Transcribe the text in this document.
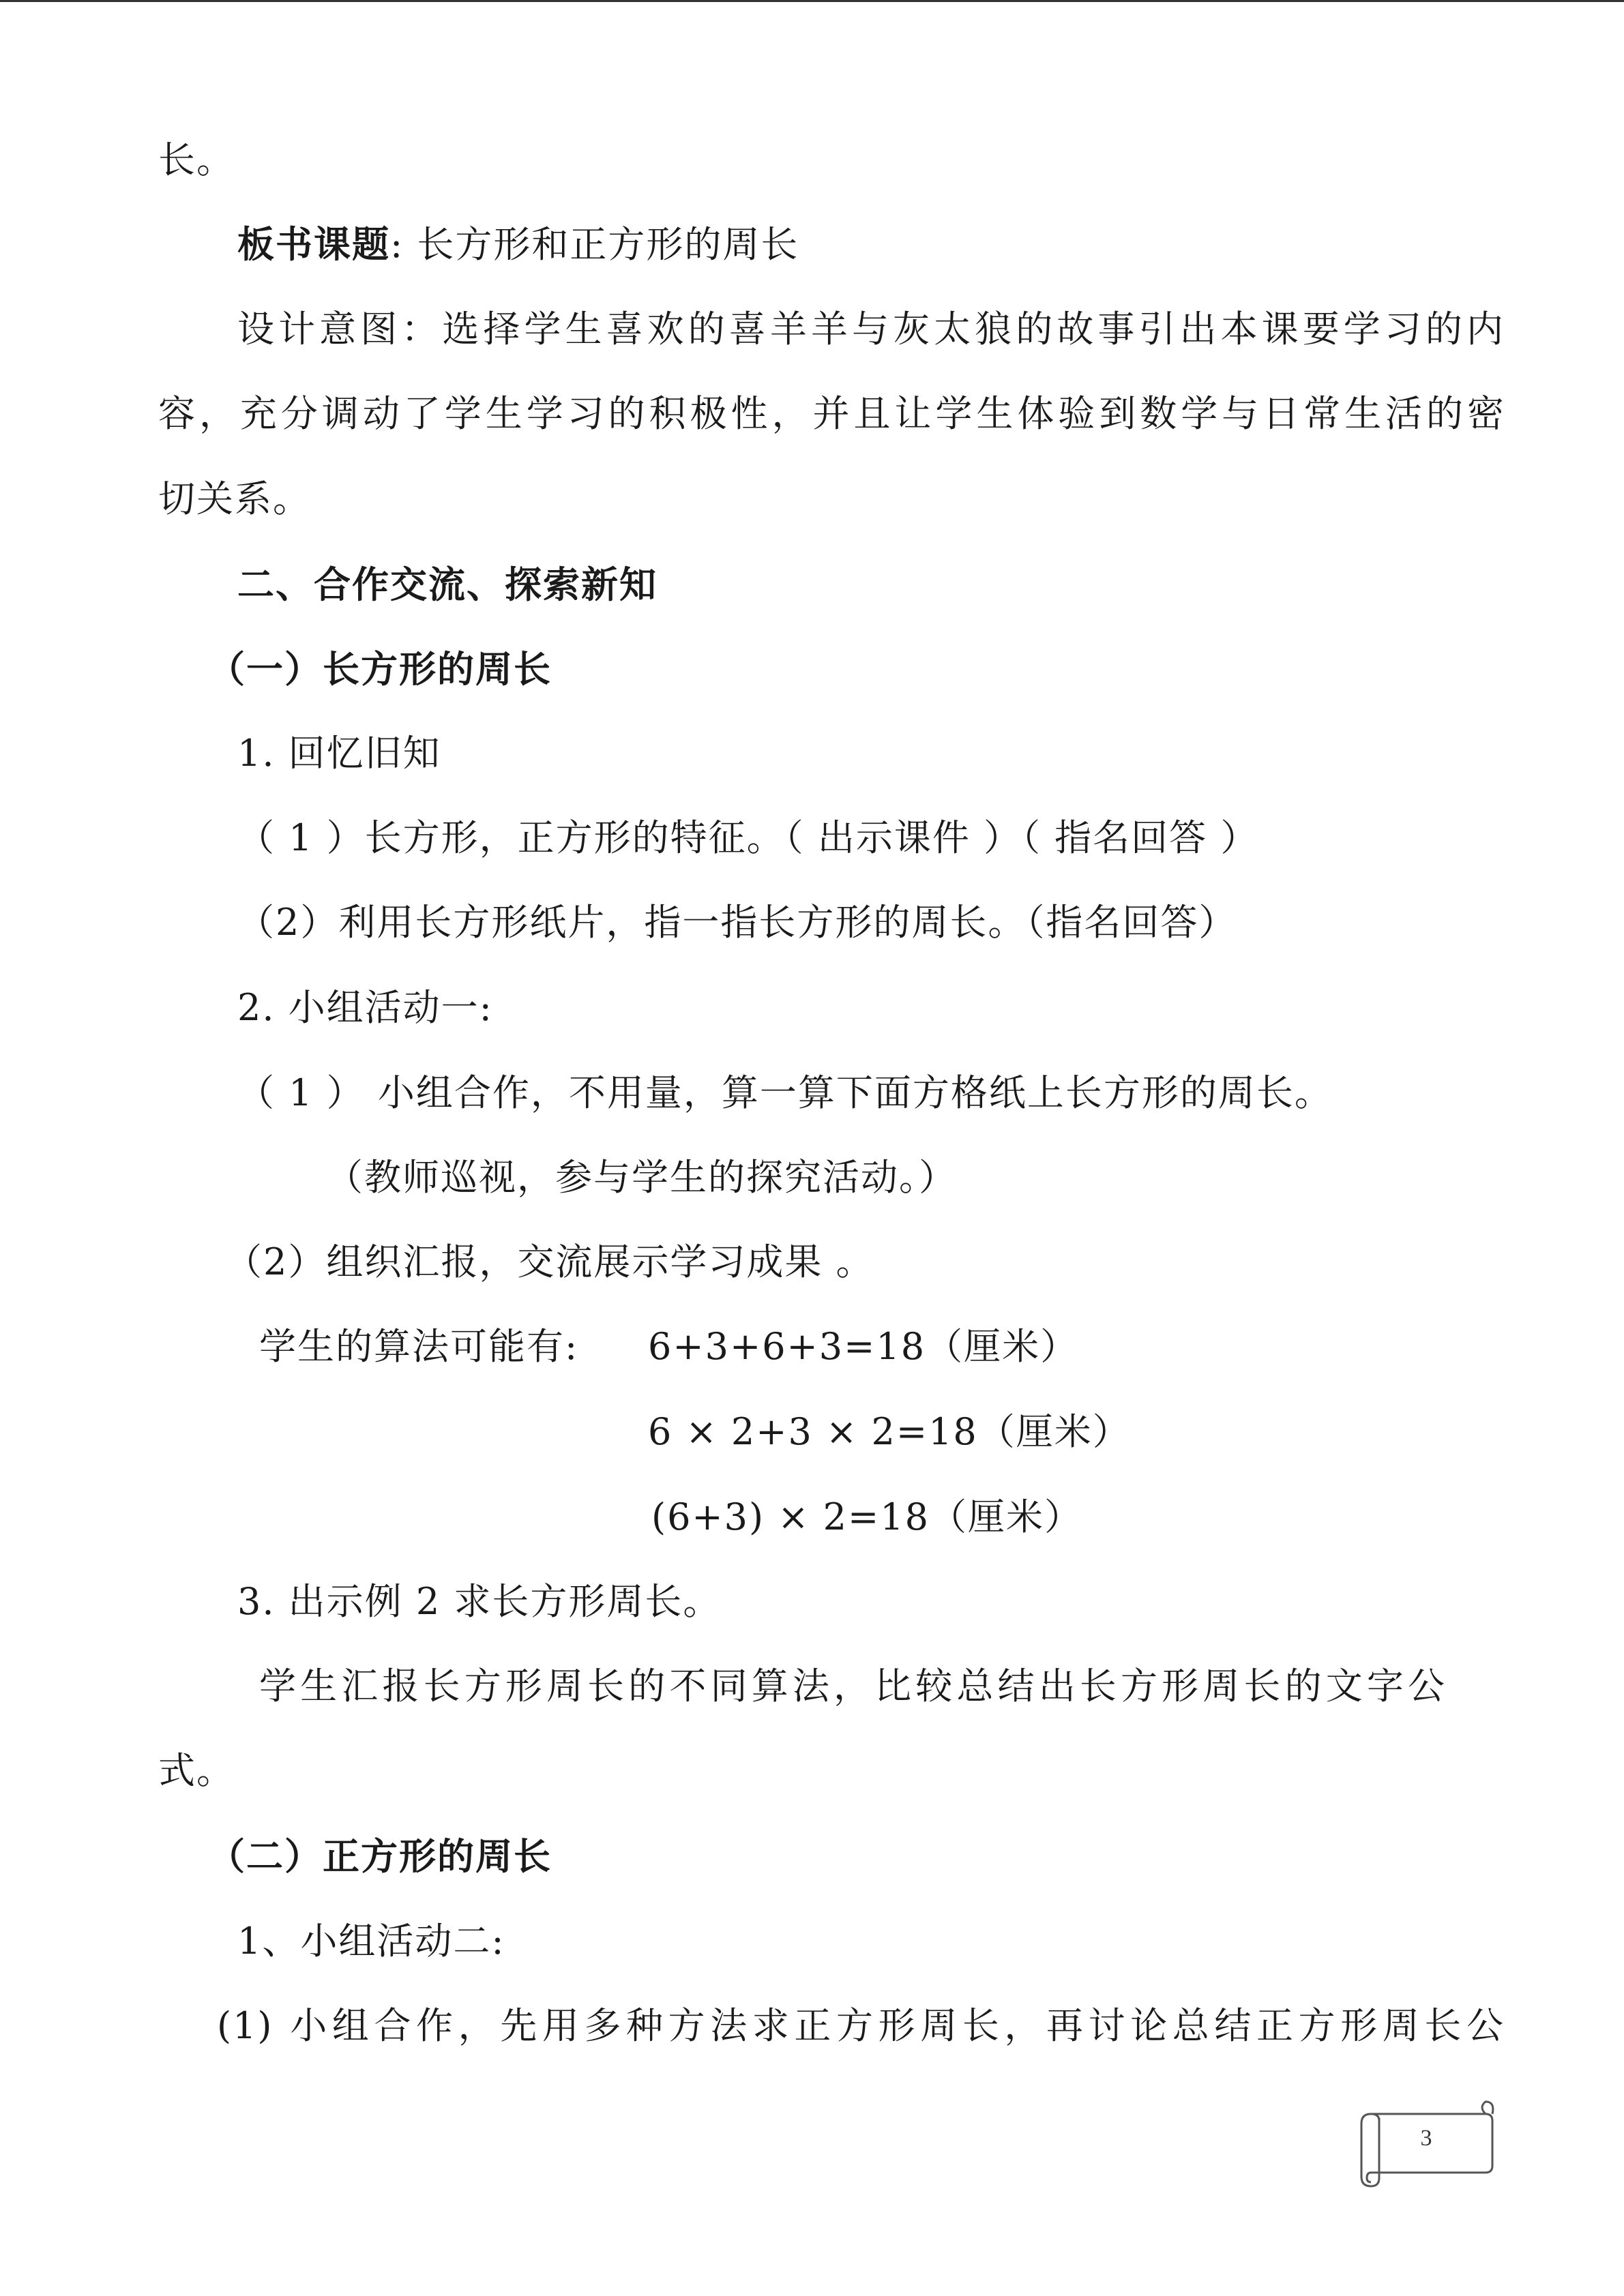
长。
板书课题: 长方形和正方形的周长
设计意图：选择学生喜欢的喜羊羊与灰太狼的故事引出本课要学习的内
容，充分调动了学生学习的积极性，并且让学生体验到数学与日常生活的密
切关系。
二、合作交流、探索新知
（一）长方形的周长
1. 回忆旧知
（ 1 ）长方形，正方形的特征。（ 出示课件 ）（ 指名回答 ）
（2）利用长方形纸片，指一指长方形的周长。（指名回答）
2. 小组活动一:
（ 1 ） 小组合作，不用量，算一算下面方格纸上长方形的周长。
（教师巡视，参与学生的探究活动。）
（2）组织汇报，交流展示学习成果 。
学生的算法可能有: 6+3+6+3=18（厘米）
6 × 2+3 × 2=18（厘米）
(6+3) × 2=18（厘米）
3. 出示例 2 求长方形周长。
学生汇报长方形周长的不同算法，比较总结出长方形周长的文字公
式。
（二）正方形的周长
1、小组活动二:
(1) 小组合作，先用多种方法求正方形周长，再讨论总结正方形周长公
3
